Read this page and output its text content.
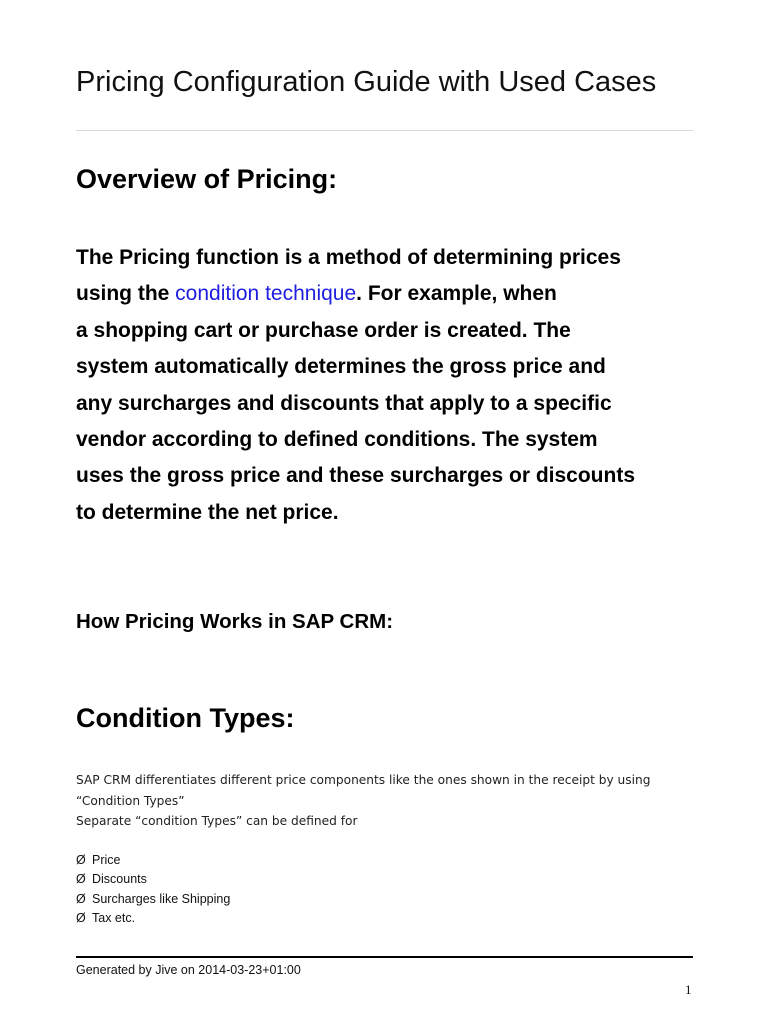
Pricing Configuration Guide with Used Cases
Overview of Pricing:
The Pricing function is a method of determining prices
using the condition technique. For example, when
a shopping cart or purchase order is created. The
system automatically determines the gross price and
any surcharges and discounts that apply to a specific
vendor according to defined conditions. The system
uses the gross price and these surcharges or discounts
to determine the net price.
How Pricing Works in SAP CRM:
Condition Types:
SAP CRM differentiates different price components like the ones shown in the receipt by using
“Condition Types”
Separate “condition Types” can be defined for
Ø Price
Ø Discounts
Ø Surcharges like Shipping
Ø Tax etc.
Generated by Jive on 2014-03-23+01:00
1
